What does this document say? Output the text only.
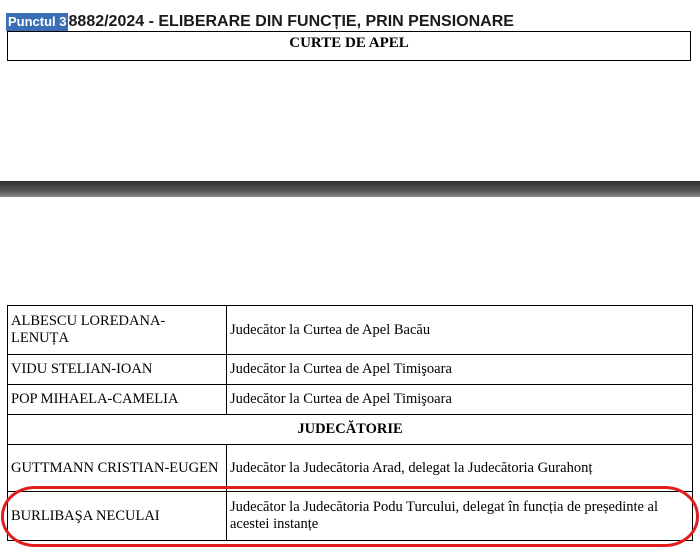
Punctul 3 8882/2024 - ELIBERARE DIN FUNCȚIE, PRIN PENSIONARE
CURTE DE APEL
ALBESCU LOREDANA-LENUȚA	Judecător la Curtea de Apel Bacău
VIDU STELIAN-IOAN	Judecător la Curtea de Apel Timişoara
POP MIHAELA-CAMELIA	Judecător la Curtea de Apel Timişoara
JUDECĂTORIE	
GUTTMANN CRISTIAN-EUGEN	Judecător la Judecătoria Arad, delegat la Judecătoria Gurahonț
BURLIBAŞA NECULAI	Judecător la Judecătoria Podu Turcului, delegat în funcția de președinte al acestei instanțe
